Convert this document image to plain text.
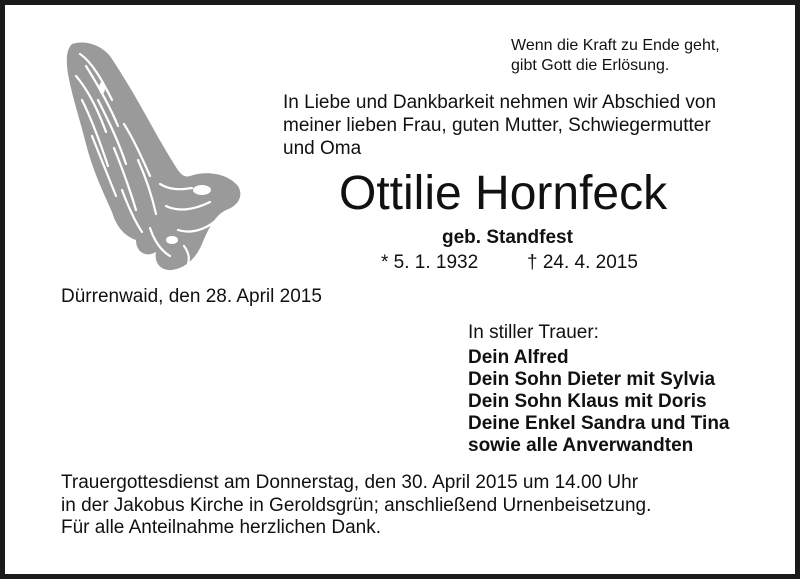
Wenn die Kraft zu Ende geht,
gibt Gott die Erlösung.
In Liebe und Dankbarkeit nehmen wir Abschied von
meiner lieben Frau, guten Mutter, Schwiegermutter
und Oma
Ottilie Hornfeck
geb. Standfest
* 5. 1. 1932	† 24. 4. 2015
Dürrenwaid, den 28. April 2015
In stiller Trauer:
Dein Alfred
Dein Sohn Dieter mit Sylvia
Dein Sohn Klaus mit Doris
Deine Enkel Sandra und Tina
sowie alle Anverwandten
Trauergottesdienst am Donnerstag, den 30. April 2015 um 14.00 Uhr
in der Jakobus Kirche in Geroldsgrün; anschließend Urnenbeisetzung.
Für alle Anteilnahme herzlichen Dank.
